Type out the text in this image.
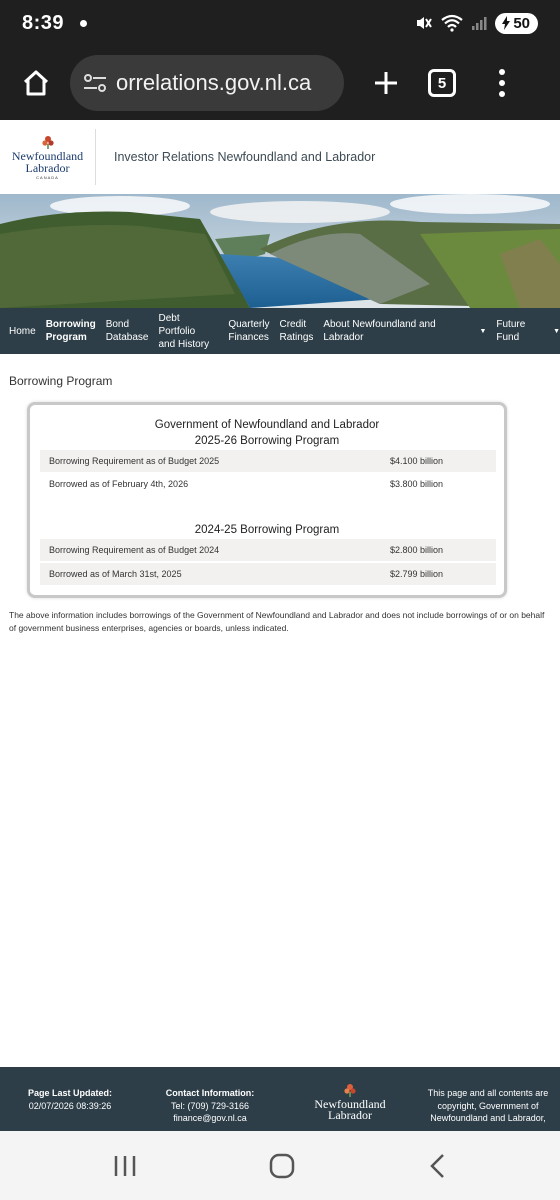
8:39	50
orrelations.gov.nl.ca	5
Newfoundland
Labrador
CANADA
Investor Relations Newfoundland and Labrador
Home
Borrowing
Program
Bond
Database
Debt Portfolio
and History
Quarterly
Finances
Credit
Ratings
About Newfoundland and Labrador
▼
Future Fund
▼
Borrowing Program
Government of Newfoundland and Labrador
2025-26 Borrowing Program
Borrowing Requirement as of Budget 2025	$4.100 billion
Borrowed as of February 4th, 2026	$3.800 billion
2024-25 Borrowing Program
Borrowing Requirement as of Budget 2024	$2.800 billion
Borrowed as of March 31st, 2025	$2.799 billion

The above information includes borrowings of the Government of Newfoundland and Labrador and does not include borrowings of or on behalf of government business enterprises, agencies or boards, unless indicated.

Page Last Updated:
02/07/2026 08:39:26
Contact Information:
Tel: (709) 729-3166
finance@gov.nl.ca
Newfoundland
Labrador
This page and all contents are
copyright, Government of
Newfoundland and Labrador,
